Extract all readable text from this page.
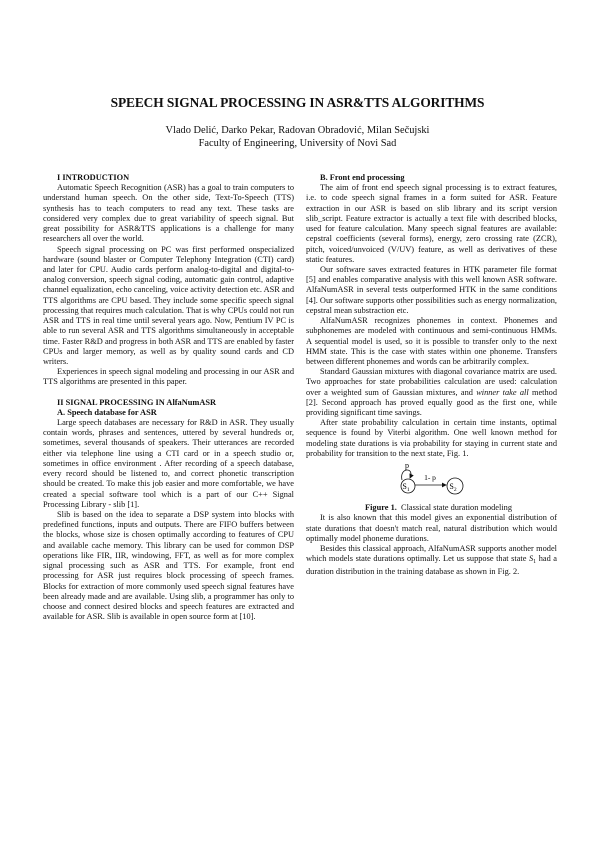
SPEECH SIGNAL PROCESSING IN ASR&TTS ALGORITHMS
Vlado Delić, Darko Pekar, Radovan Obradović, Milan Sečujski
Faculty of Engineering, University of Novi Sad

I INTRODUCTION

Automatic Speech Recognition (ASR) has a goal to train computers to understand human speech. On the other side, Text-To-Speech (TTS) synthesis has to teach computers to read any text. These tasks are considered very complex due to great variability of speech signal. But great possibility for ASR&TTS applications is a challenge for many researchers all over the world.

Speech signal processing on PC was first performed onspecialized hardware (sound blaster or Computer Telephony Integration (CTI) card) and later for CPU. Audio cards perform analog-to-digital and digital-to-analog conversion, speech signal coding, automatic gain control, adaptive channel equalization, echo canceling, voice activity detection etc. ASR and TTS algorithms are CPU based. They include some specific speech signal processing that requires much calculation. That is why CPUs could not run ASR and TTS in real time until several years ago. Now, Pentium IV PC is able to run several ASR and TTS algorithms simultaneously in acceptable time. Faster R&D and progress in both ASR and TTS are enabled by faster CPUs and larger memory, as well as by quality sound cards and CD writers.

Experiences in speech signal modeling and processing in our ASR and TTS algorithms are presented in this paper.

II SIGNAL PROCESSING IN AlfaNumASR

A. Speech database for ASR

Large speech databases are necessary for R&D in ASR. They usually contain words, phrases and sentences, uttered by several hundreds or, sometimes, several thousands of speakers. Their utterances are recorded either via telephone line using a CTI card or in a speech studio or, sometimes in office environment . After recording of a speech database, every record should be listened to, and correct phonetic transcription should be created. To make this job easier and more comfortable, we have created a special software tool which is a part of our C++ Signal Processing Library - slib [1].

Slib is based on the idea to separate a DSP system into blocks with predefined functions, inputs and outputs. There are FIFO buffers between the blocks, whose size is chosen optimally according to features of CPU and available cache memory. This library can be used for common DSP operations like FIR, IIR, windowing, FFT, as well as for more complex signal processing such as ASR and TTS. For example, front end processing for ASR just requires block processing of speech frames. Blocks for extraction of more commonly used speech signal features have been already made and are available. Using slib, a programmer has only to choose and connect desired blocks and speech features are extracted and available for ASR. Slib is available in open source form at [10].

B. Front end processing

The aim of front end speech signal processing is to extract features, i.e. to code speech signal frames in a form suited for ASR. Feature extraction in our ASR is based on slib library and its script version slib_script. Feature extractor is actually a text file with described blocks, used for feature calculation. Many speech signal features are available: cepstral coefficients (several forms), energy, zero crossing rate (ZCR), pitch, voiced/unvoiced (V/UV) feature, as well as derivatives of these static features.

Our software saves extracted features in HTK parameter file format [5] and enables comparative analysis with this well known ASR software. AlfaNumASR in several tests outperformed HTK in the same conditions [4]. Our software supports other possibilities such as energy normalization, cepstral mean substraction etc.

AlfaNumASR recognizes phonemes in context. Phonemes and subphonemes are modeled with continuous and semi-continuous HMMs. A sequential model is used, so it is possible to transfer only to the next HMM state. This is the case with states within one phoneme. Transfers between different phonemes and words can be arbitrarily complex.

Standard Gaussian mixtures with diagonal covariance matrix are used. Two approaches for state probabilities calculation are used: calculation over a weighted sum of Gaussian mixtures, and winner take all method [2]. Second approach has proved equally good as the first one, while providing significant time savings.

After state probability calculation in certain time instants, optimal sequence is found by Viterbi algorithm. One well known method for modeling state durations is via probability for staying in current state and probability for transition to the next state, Fig. 1.

p
$S_1$
1- p
$S_2$

Figure 1. Classical state duration modeling

It is also known that this model gives an exponential distribution of state durations that doesn't match real, natural distribution which would optimally model phoneme durations.

Besides this classical approach, AlfaNumASR supports another model which models state durations optimally. Let us suppose that state $S_1$ had a duration distribution in the training database as shown in Fig. 2.
